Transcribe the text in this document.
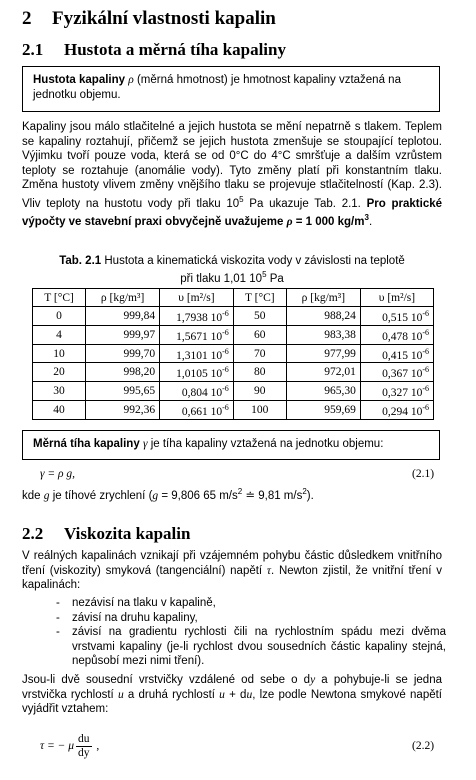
2 Fyzikální vlastnosti kapalin
2.1 Hustota a měrná tíha kapaliny
Hustota kapaliny ρ (měrná hmotnost) je hmotnost kapaliny vztažená na jednotku objemu.
Kapaliny jsou málo stlačitelné a jejich hustota se mění nepatrně s tlakem. Teplem se kapaliny roztahují, přičemž se jejich hustota zmenšuje se stoupající teplotou. Výjimku tvoří pouze voda, která se od 0°C do 4°C smršťuje a dalším vzrůstem teploty se roztahuje (anomálie vody). Tyto změny platí při konstantním tlaku. Změna hustoty vlivem změny vnějšího tlaku se projevuje stlačitelností (Kap. 2.3). Vliv teploty na hustotu vody při tlaku $10^5$ Pa ukazuje Tab. 2.1. Pro praktické výpočty ve stavební praxi obvyčejně uvažujeme ρ = 1 000 $kg/m^3$.
Tab. 2.1 Hustota a kinematická viskozita vody v závislosti na teplotě
při tlaku 1,01 $10^5$ Pa
T [°C]	ρ [kg/m³]	υ [m²/s]	T [°C]	ρ [kg/m³]	υ [m²/s]
0	999,84	1,7938 $10^{-6}$	50	988,24	0,515 $10^{-6}$
4	999,97	1,5671 $10^{-6}$	60	983,38	0,478 $10^{-6}$
10	999,70	1,3101 $10^{-6}$	70	977,99	0,415 $10^{-6}$
20	998,20	1,0105 $10^{-6}$	80	972,01	0,367 $10^{-6}$
30	995,65	0,804 $10^{-6}$	90	965,30	0,327 $10^{-6}$
40	992,36	0,661 $10^{-6}$	100	959,69	0,294 $10^{-6}$
Měrná tíha kapaliny γ je tíha kapaliny vztažená na jednotku objemu:
γ = ρ g,	(2.1)
kde g je tíhové zrychlení (g = 9,806 65 $m/s^2$ ≐ 9,81 $m/s^2$).
2.2 Viskozita kapalin
V reálných kapalinách vznikají při vzájemném pohybu částic důsledkem vnitřního tření (viskozity) smyková (tangenciální) napětí τ. Newton zjistil, že vnitřní tření v kapalinách:
- nezávisí na tlaku v kapalině,
- závisí na druhu kapaliny,
- závisí na gradientu rychlosti čili na rychlostním spádu mezi dvěma vrstvami kapaliny (je-li rychlost dvou sousedních částic kapaliny stejná, nepůsobí mezi nimi tření).
Jsou-li dvě sousední vrstvičky vzdálené od sebe o dy a pohybuje-li se jedna vrstvička rychlostí u a druhá rychlostí u + du, lze podle Newtona smykové napětí vyjádřit vztahem:
τ = − μ $\frac{du}{dy}$ ,	(2.2)
